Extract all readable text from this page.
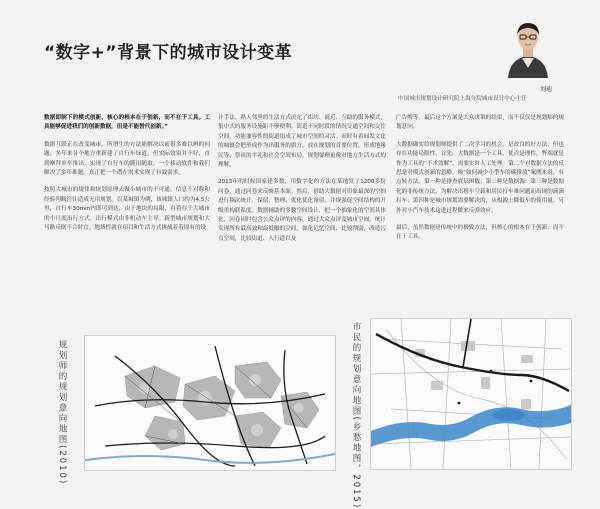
“数字+”背景下的城市设计变革
刘迪
中国城市规划设计研究院上海分院城市设计中心主任

数据即制下的模式创新，核心的根本在于创新，而不在于工具。工具能够促进我们的创新数据，但是不能替代创新。”

数据互联正在改变城市。所谓生的方法能解决以前很多难以辨的问题。多年来各个地方重新建了自行车绿道，但实际效果并不好，直到摩拜单车推出，实现了自行车的随用随取。一个移动软件和我们解决了多年难题。真正把一个潜在需求实现了有效需求。

按照大城市的规律和规划原理去做小城市的不可通。信息不对称和经验判断往往造成无用规划。以某城镇为例，该城镇人口约为4.5公里，自行车30min内即可到达，由于地块的局限，有着存于大城市的小尺度出行方式，出行模式由非机动车主导。新型城市规划和大马路反倒不合时宜。地域性就在项目和生活方式挑战着着固有的设

计手法。熟人邻里的生活方式决定了街坊、就近、互助的服务模式，集中式的服务设施距不够便利。街道不同时段的情况交通空间和交往空间，功能兼容性的街道组成了城市空间的灵活。而时有着间发文化的城镇会把形成作为出服务的旗方，放在规划的首要位置，形成地缘民等，祭祖的平礼和社会空间布局，规划要理更像对地方生活方式的理解。

2013年的时候国家建多数，用数字化的方法在某地发了1200多份问卷，通过问卷来反映基本面。然后，借助大数据对印象最深的空间进行频次统计，保留、整理、优化优化备留，并规强促空间结构的升级重构联系度。数据辅助的多数空间设计，把一个抽象化的空间具体化，问卷同时包含公众点评的内容，通过大众点评及城市空间，统计发现所有最高效和最抵触的空间。强化记忆空间、比较削弱，改造污点空间，比较街道、入行道以及

广告牌等。最后这个方案是大众决策的结果，而不仅仅是规划师的规划意向。

大数据确实给规划师提供了二次学习的机会，是改良的好方法，但也存在功能局限性，首先，大数据是一个工具，优点是理性，弊端就是作为工具的“不求效解”，需要实时人工处理。第二个对数据方法的反思是对模式创新的忽略。像“如何减少小型车的碳排放”案例来说，有点转方法。第一种是排查底层困数；第二种是数据源：第三种是数据化的非传统方法。为解决出租车空载和居民打车难问题而出现的滴滴打车；第四种是城市规划需要解决的，从根源上降低车的使用量。另外对小汽车技术这进过程做来反弹效应。

最后，虽然数据是传统中的极致方法，但核心的根本在于创新，而不在于工具。

规划师的规划意向地图(2010)	市民的规划意向地图(乡愁地图，2015)
